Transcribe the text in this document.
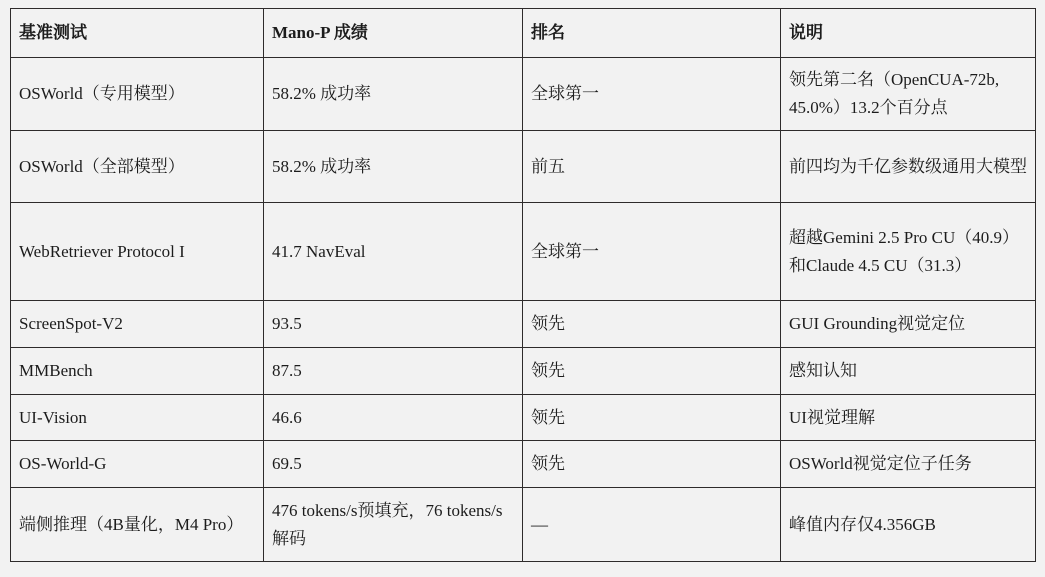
基准测试	Mano-P 成绩	排名	说明
OSWorld（专用模型）	58.2% 成功率	全球第一	领先第二名（OpenCUA-72b, 45.0%）13.2个百分点
OSWorld（全部模型）	58.2% 成功率	前五	前四均为千亿参数级通用大模型
WebRetriever Protocol I	41.7 NavEval	全球第一	超越Gemini 2.5 Pro CU（40.9）和Claude 4.5 CU（31.3）
ScreenSpot-V2	93.5	领先	GUI Grounding视觉定位
MMBench	87.5	领先	感知认知
UI-Vision	46.6	领先	UI视觉理解
OS-World-G	69.5	领先	OSWorld视觉定位子任务
端侧推理（4B量化，M4 Pro）	476 tokens/s预填充，76 tokens/s解码	—	峰值内存仅4.356GB
